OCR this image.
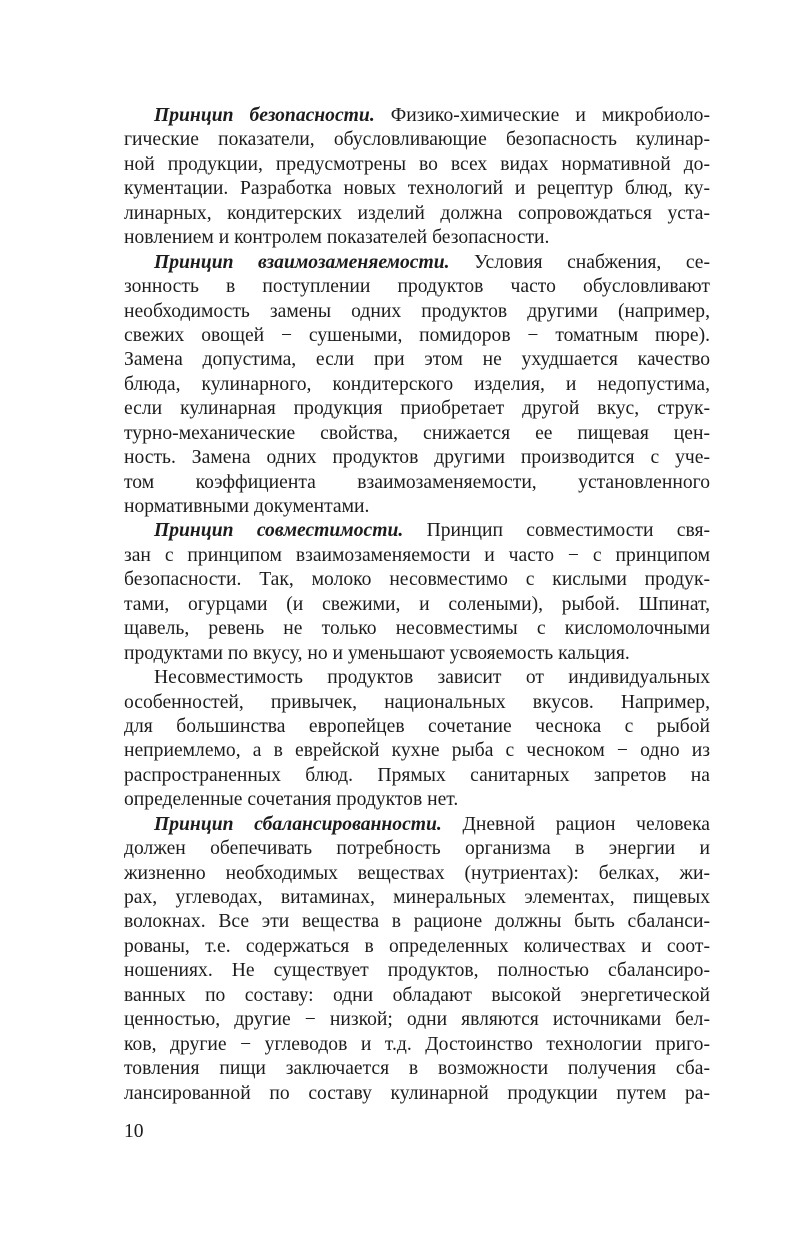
Принцип безопасности. Физико-химические и микробиоло-
гические показатели, обусловливающие безопасность кулинар-
ной продукции, предусмотрены во всех видах нормативной до-
кументации. Разработка новых технологий и рецептур блюд, ку-
линарных, кондитерских изделий должна сопровождаться уста-
новлением и контролем показателей безопасности.
Принцип взаимозаменяемости. Условия снабжения, се-
зонность в поступлении продуктов часто обусловливают
необходимость замены одних продуктов другими (например,
свежих овощей − сушеными, помидоров − томатным пюре).
Замена допустима, если при этом не ухудшается качество
блюда, кулинарного, кондитерского изделия, и недопустима,
если кулинарная продукция приобретает другой вкус, струк-
турно-механические свойства, снижается ее пищевая цен-
ность. Замена одних продуктов другими производится с уче-
том коэффициента взаимозаменяемости, установленного
нормативными документами.
Принцип совместимости. Принцип совместимости свя-
зан с принципом взаимозаменяемости и часто − с принципом
безопасности. Так, молоко несовместимо с кислыми продук-
тами, огурцами (и свежими, и солеными), рыбой. Шпинат,
щавель, ревень не только несовместимы с кисломолочными
продуктами по вкусу, но и уменьшают усвояемость кальция.
Несовместимость продуктов зависит от индивидуальных
особенностей, привычек, национальных вкусов. Например,
для большинства европейцев сочетание чеснока с рыбой
неприемлемо, а в еврейской кухне рыба с чесноком − одно из
распространенных блюд. Прямых санитарных запретов на
определенные сочетания продуктов нет.
Принцип сбалансированности. Дневной рацион человека
должен обепечивать потребность организма в энергии и
жизненно необходимых веществах (нутриентах): белках, жи-
рах, углеводах, витаминах, минеральных элементах, пищевых
волокнах. Все эти вещества в рационе должны быть сбаланси-
рованы, т.е. содержаться в определенных количествах и соот-
ношениях. Не существует продуктов, полностью сбалансиро-
ванных по составу: одни обладают высокой энергетической
ценностью, другие − низкой; одни являются источниками бел-
ков, другие − углеводов и т.д. Достоинство технологии приго-
товления пищи заключается в возможности получения сба-
лансированной по составу кулинарной продукции путем ра-
10
